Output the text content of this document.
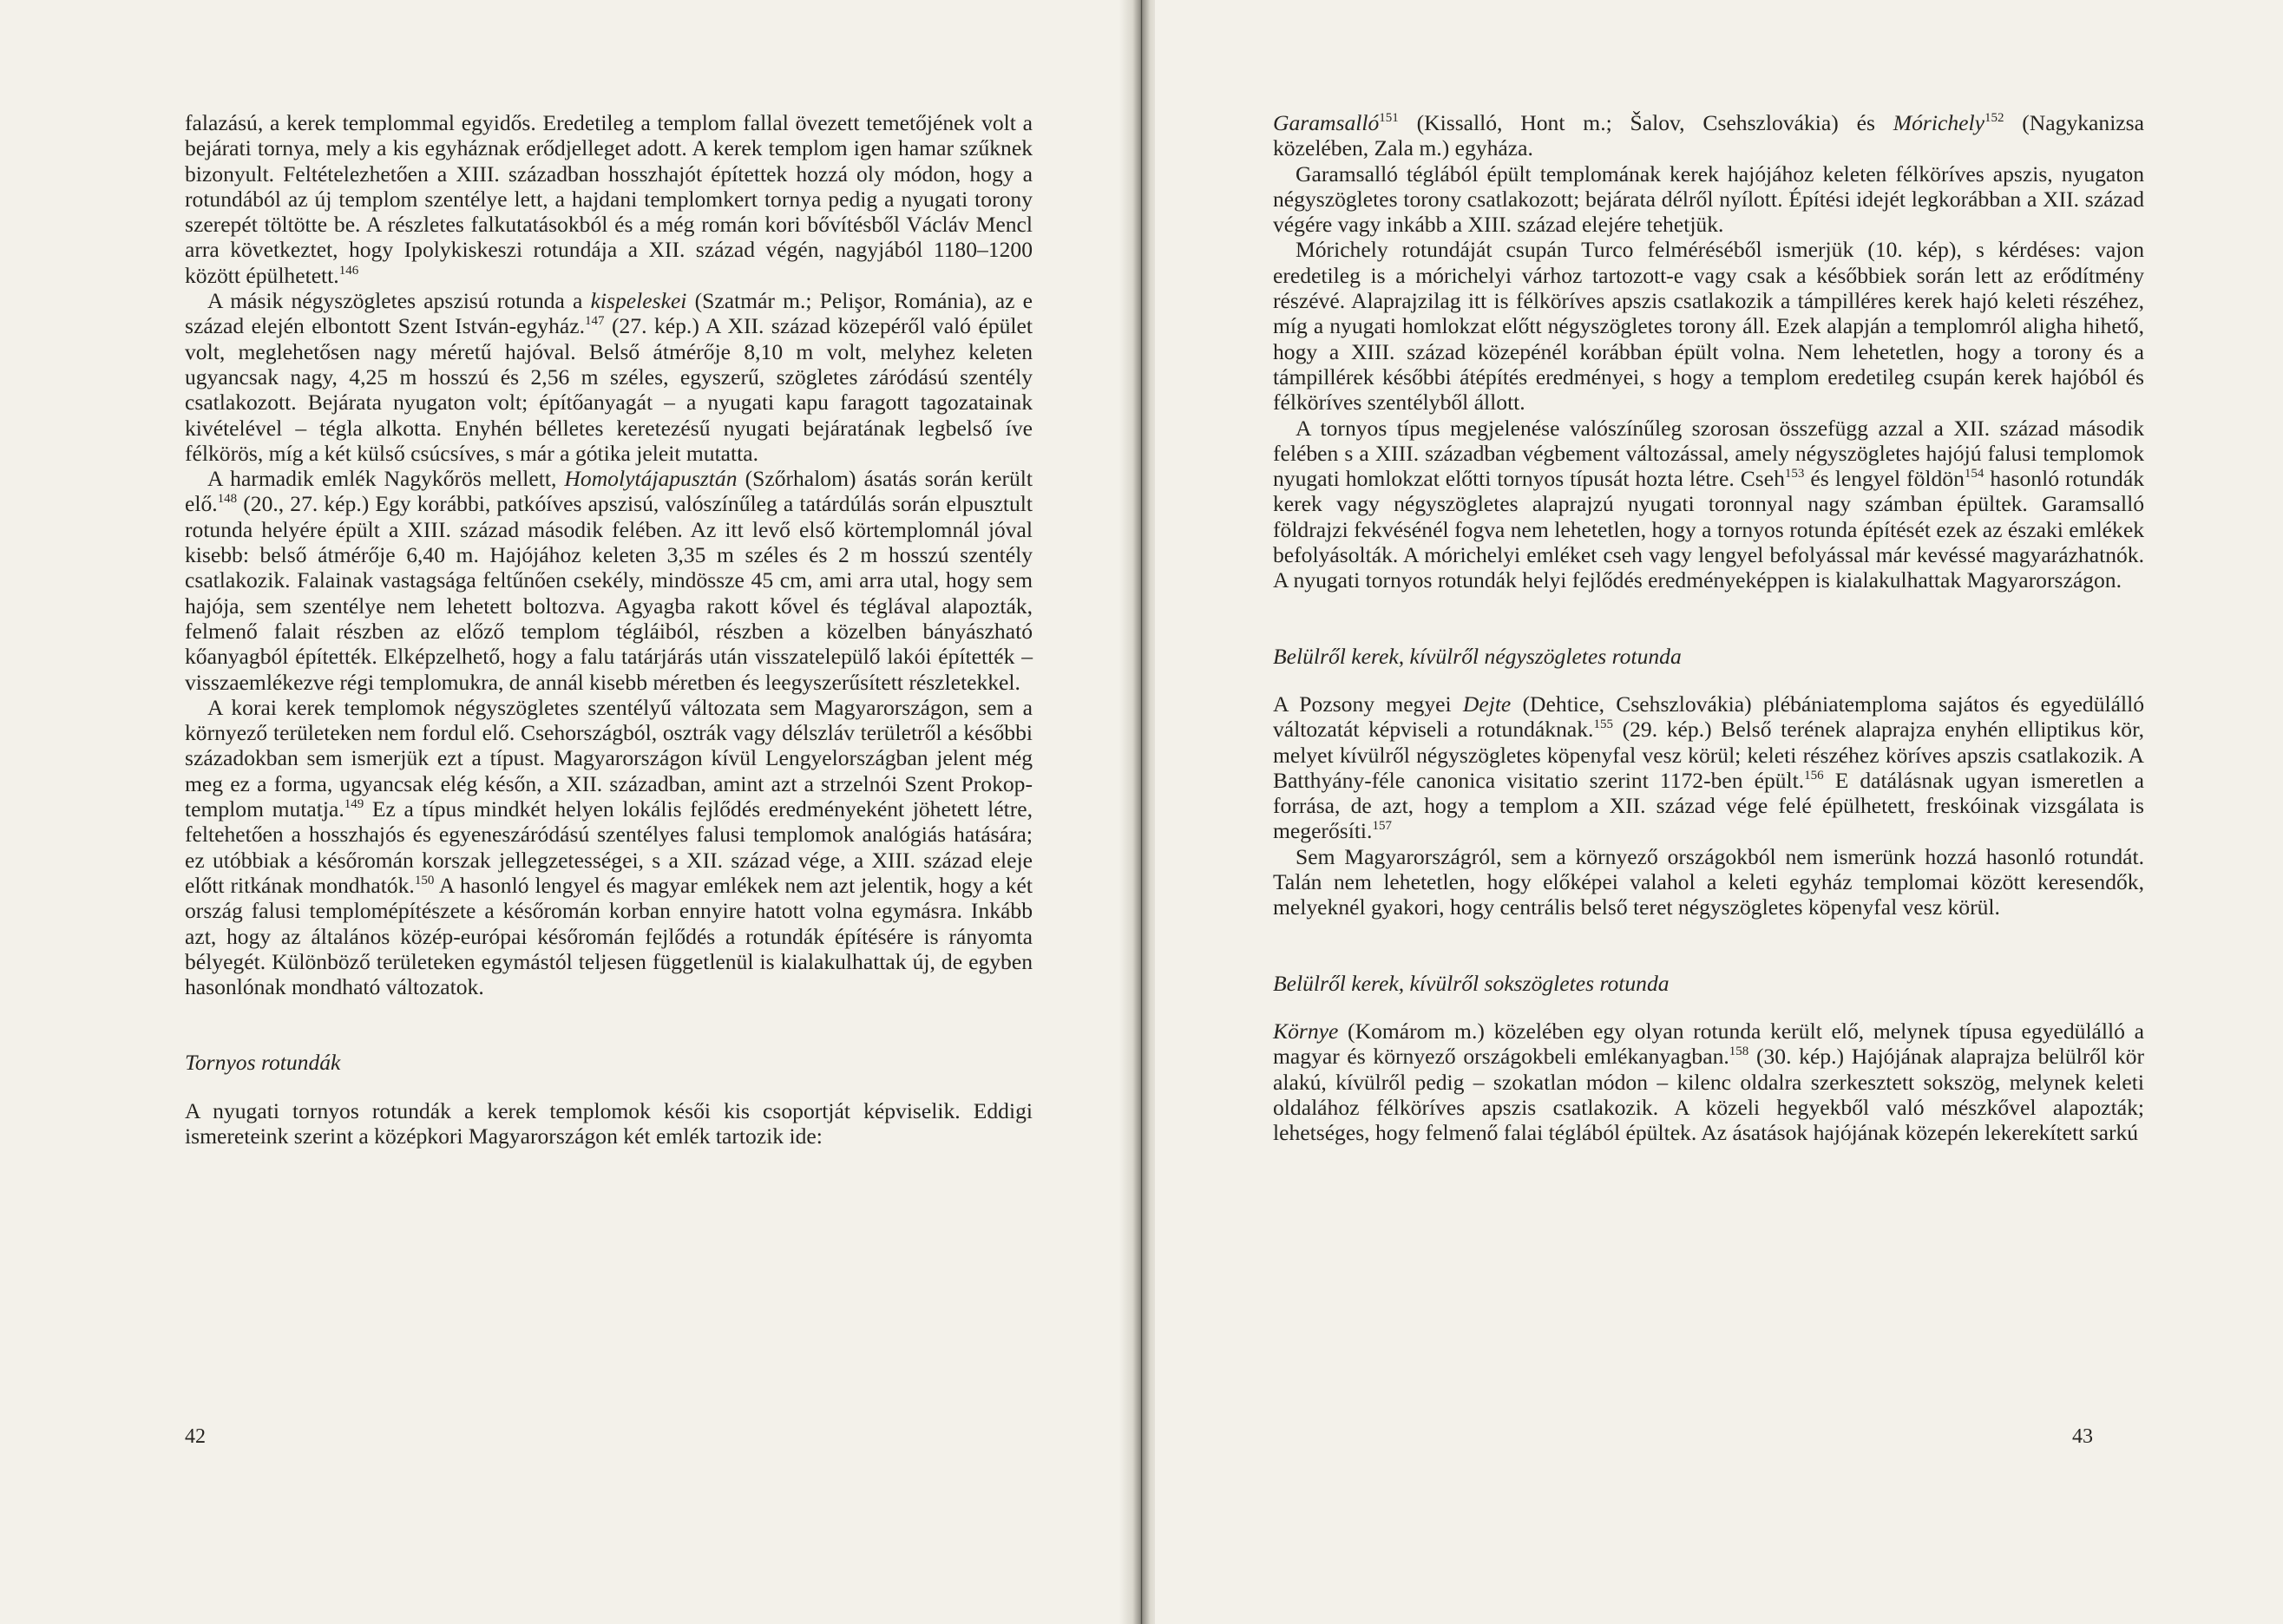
falazású, a kerek templommal egyidős. Eredetileg a templom fallal övezett temetőjének volt a bejárati tornya, mely a kis egyháznak erődjelleget adott. A kerek templom igen hamar szűknek bizonyult. Feltételezhetően a XIII. században hosszhajót építettek hozzá oly módon, hogy a rotundából az új templom szentélye lett, a hajdani templomkert tornya pedig a nyugati torony szerepét töltötte be. A részletes falkutatásokból és a még román kori bővítésből Václáv Mencl arra következtet, hogy Ipolykiskeszi rotundája a XII. század végén, nagyjából 1180–1200 között épülhetett.$^{146}$

A másik négyszögletes apszisú rotunda a kispeleskei (Szatmár m.; Pelişor, Románia), az e század elején elbontott Szent István-egyház.$^{147}$ (27. kép.) A XII. század közepéről való épület volt, meglehetősen nagy méretű hajóval. Belső átmérője 8,10 m volt, melyhez keleten ugyancsak nagy, 4,25 m hosszú és 2,56 m széles, egyszerű, szögletes záródású szentély csatlakozott. Bejárata nyugaton volt; építőanyagát – a nyugati kapu faragott tagozatainak kivételével – tégla alkotta. Enyhén bélletes keretezésű nyugati bejáratának legbelső íve félkörös, míg a két külső csúcsíves, s már a gótika jeleit mutatta.

A harmadik emlék Nagykőrös mellett, Homolytájapusztán (Szőrhalom) ásatás során került elő.$^{148}$ (20., 27. kép.) Egy korábbi, patkóíves apszisú, valószínűleg a tatárdúlás során elpusztult rotunda helyére épült a XIII. század második felében. Az itt levő első körtemplomnál jóval kisebb: belső átmérője 6,40 m. Hajójához keleten 3,35 m széles és 2 m hosszú szentély csatlakozik. Falainak vastagsága feltűnően csekély, mindössze 45 cm, ami arra utal, hogy sem hajója, sem szentélye nem lehetett boltozva. Agyagba rakott kővel és téglával alapozták, felmenő falait részben az előző templom tégláiból, részben a közelben bányászható kőanyagból építették. Elképzelhető, hogy a falu tatárjárás után visszatelepülő lakói építették – visszaemlékezve régi templomukra, de annál kisebb méretben és leegyszerűsített részletekkel.

A korai kerek templomok négyszögletes szentélyű változata sem Magyarországon, sem a környező területeken nem fordul elő. Csehországból, osztrák vagy délszláv területről a későbbi századokban sem ismerjük ezt a típust. Magyarországon kívül Lengyelországban jelent még meg ez a forma, ugyancsak elég későn, a XII. században, amint azt a strzelnói Szent Prokop-templom mutatja.$^{149}$ Ez a típus mindkét helyen lokális fejlődés eredményeként jöhetett létre, feltehetően a hosszhajós és egyeneszáródású szentélyes falusi templomok analógiás hatására; ez utóbbiak a későromán korszak jellegzetességei, s a XII. század vége, a XIII. század eleje előtt ritkának mondhatók.$^{150}$ A hasonló lengyel és magyar emlékek nem azt jelentik, hogy a két ország falusi templomépítészete a későromán korban ennyire hatott volna egymásra. Inkább azt, hogy az általános közép-európai későromán fejlődés a rotundák építésére is rányomta bélyegét. Különböző területeken egymástól teljesen függetlenül is kialakulhattak új, de egyben hasonlónak mondható változatok.

Tornyos rotundák

A nyugati tornyos rotundák a kerek templomok késői kis csoportját képviselik. Eddigi ismereteink szerint a középkori Magyarországon két emlék tartozik ide:

42

Garamsalló$^{151}$ (Kissalló, Hont m.; Šalov, Csehszlovákia) és Mórichely$^{152}$ (Nagykanizsa közelében, Zala m.) egyháza.

Garamsalló téglából épült templomának kerek hajójához keleten félköríves apszis, nyugaton négyszögletes torony csatlakozott; bejárata délről nyílott. Építési idejét legkorábban a XII. század végére vagy inkább a XIII. század elejére tehetjük.

Mórichely rotundáját csupán Turco felméréséből ismerjük (10. kép), s kérdéses: vajon eredetileg is a mórichelyi várhoz tartozott-e vagy csak a későbbiek során lett az erődítmény részévé. Alaprajzilag itt is félköríves apszis csatlakozik a támpilléres kerek hajó keleti részéhez, míg a nyugati homlokzat előtt négyszögletes torony áll. Ezek alapján a templomról aligha hihető, hogy a XIII. század közepénél korábban épült volna. Nem lehetetlen, hogy a torony és a támpillérek későbbi átépítés eredményei, s hogy a templom eredetileg csupán kerek hajóból és félköríves szentélyből állott.

A tornyos típus megjelenése valószínűleg szorosan összefügg azzal a XII. század második felében s a XIII. században végbement változással, amely négyszögletes hajójú falusi templomok nyugati homlokzat előtti tornyos típusát hozta létre. Cseh$^{153}$ és lengyel földön$^{154}$ hasonló rotundák kerek vagy négyszögletes alaprajzú nyugati toronnyal nagy számban épültek. Garamsalló földrajzi fekvésénél fogva nem lehetetlen, hogy a tornyos rotunda építését ezek az északi emlékek befolyásolták. A mórichelyi emléket cseh vagy lengyel befolyással már kevéssé magyarázhatnók. A nyugati tornyos rotundák helyi fejlődés eredményeképpen is kialakulhattak Magyarországon.

Belülről kerek, kívülről négyszögletes rotunda

A Pozsony megyei Dejte (Dehtice, Csehszlovákia) plébániatemploma sajátos és egyedülálló változatát képviseli a rotundáknak.$^{155}$ (29. kép.) Belső terének alaprajza enyhén elliptikus kör, melyet kívülről négyszögletes köpenyfal vesz körül; keleti részéhez köríves apszis csatlakozik. A Batthyány-féle canonica visitatio szerint 1172-ben épült.$^{156}$ E datálásnak ugyan ismeretlen a forrása, de azt, hogy a templom a XII. század vége felé épülhetett, freskóinak vizsgálata is megerősíti.$^{157}$

Sem Magyarországról, sem a környező országokból nem ismerünk hozzá hasonló rotundát. Talán nem lehetetlen, hogy előképei valahol a keleti egyház templomai között keresendők, melyeknél gyakori, hogy centrális belső teret négyszögletes köpenyfal vesz körül.

Belülről kerek, kívülről sokszögletes rotunda

Környe (Komárom m.) közelében egy olyan rotunda került elő, melynek típusa egyedülálló a magyar és környező országokbeli emlékanyagban.$^{158}$ (30. kép.) Hajójának alaprajza belülről kör alakú, kívülről pedig – szokatlan módon – kilenc oldalra szerkesztett sokszög, melynek keleti oldalához félköríves apszis csatlakozik. A közeli hegyekből való mészkővel alapozták; lehetséges, hogy felmenő falai téglából épültek. Az ásatások hajójának közepén lekerekített sarkú

43
